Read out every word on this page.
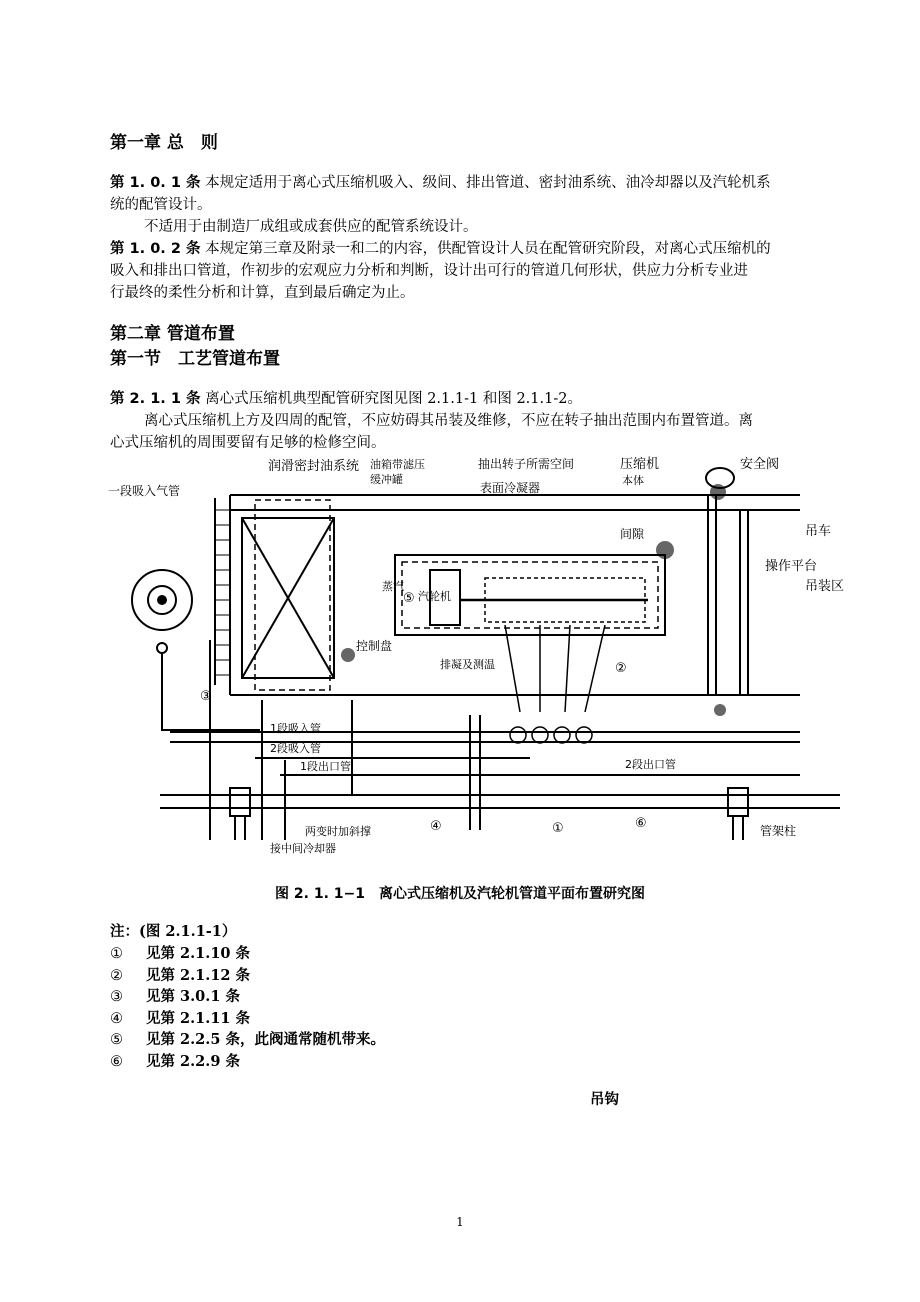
第一章 总　则
第 1. 0. 1 条 本规定适用于离心式压缩机吸入、级间、排出管道、密封油系统、油冷却器以及汽轮机系
统的配管设计。
不适用于由制造厂成组或成套供应的配管系统设计。
第 1. 0. 2 条 本规定第三章及附录一和二的内容，供配管设计人员在配管研究阶段，对离心式压缩机的
吸入和排出口管道，作初步的宏观应力分析和判断，设计出可行的管道几何形状，供应力分析专业进
行最终的柔性分析和计算，直到最后确定为止。
第二章 管道布置
第一节　工艺管道布置
第 2. 1. 1 条 离心式压缩机典型配管研究图见图 2.1.1-1 和图 2.1.1-2。
离心式压缩机上方及四周的配管，不应妨碍其吊装及维修，不应在转子抽出范围内布置管道。离
心式压缩机的周围要留有足够的检修空间。
润滑密封油系统 油箱带滤压
缓冲罐
抽出转子所需空间
表面冷凝器
压缩机
本体
安全阀
一段吸入气管
间隙
汽轮机
蒸汽
控制盘
排凝及测温
1段吸入管
2段吸入管
1段出口管	2段出口管
两变时加斜撑
接中间冷却器
管架柱
操作平台
吊车
吊装区
⑤
②
③
④	①	⑥
图 2. 1. 1−1　离心式压缩机及汽轮机管道平面布置研究图
注：(图 2.1.1-1）
① 见第 2.1.10 条
② 见第 2.1.12 条
③ 见第 3.0.1 条
④ 见第 2.1.11 条
⑤ 见第 2.2.5 条，此阀通常随机带来。
⑥ 见第 2.2.9 条
吊钩
1
